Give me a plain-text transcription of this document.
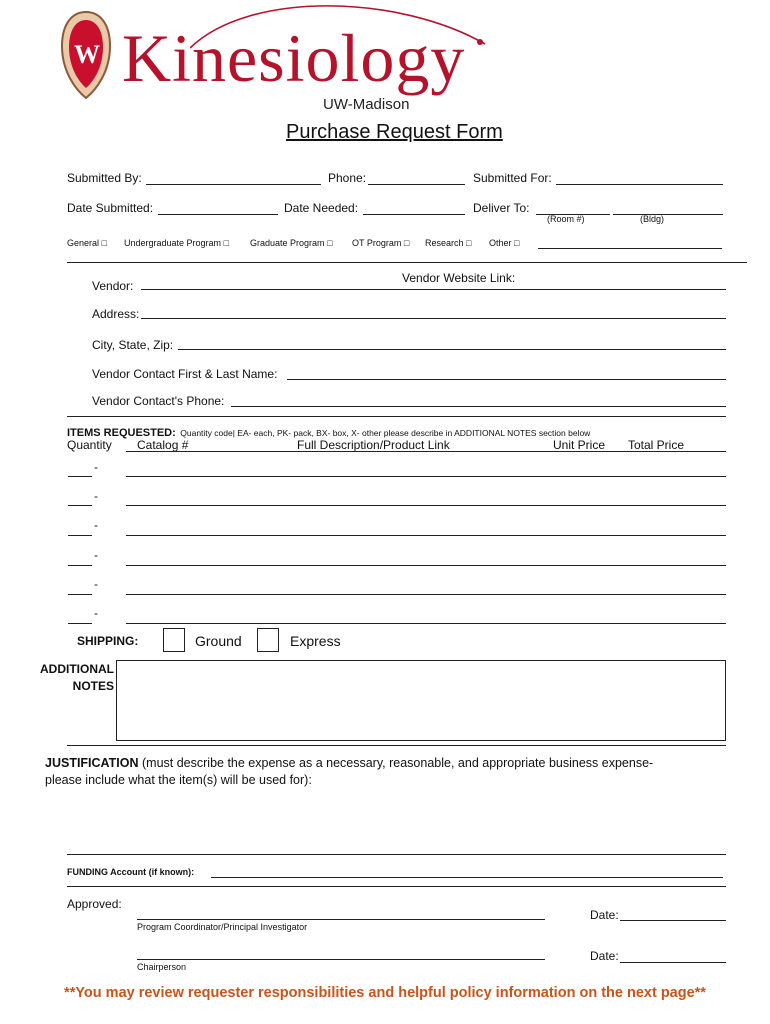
W Kinesiology
UW-Madison
Purchase Request Form
Submitted By:	Phone:	Submitted For:
Date Submitted:	Date Needed:	Deliver To:
(Room #)	(Bldg)
General □ Undergraduate Program □ Graduate Program □ OT Program □ Research □ Other □
Vendor Website Link:
Vendor:
Address:
City, State, Zip:
Vendor Contact First & Last Name:
Vendor Contact's Phone:
ITEMS REQUESTED: Quantity code| EA- each, PK- pack, BX- box, X- other please describe in ADDITIONAL NOTES section below
Quantity Catalog #	Full Description/Product Link	Unit Price Total Price
-
-
-
-
-
-
SHIPPING:	Ground	Express
ADDITIONAL
NOTES
JUSTIFICATION (must describe the expense as a necessary, reasonable, and appropriate business expense-
please include what the item(s) will be used for):
FUNDING Account (if known):
Approved:
Program Coordinator/Principal Investigator
Date:
Chairperson
Date:
**You may review requester responsibilities and helpful policy information on the next page**
